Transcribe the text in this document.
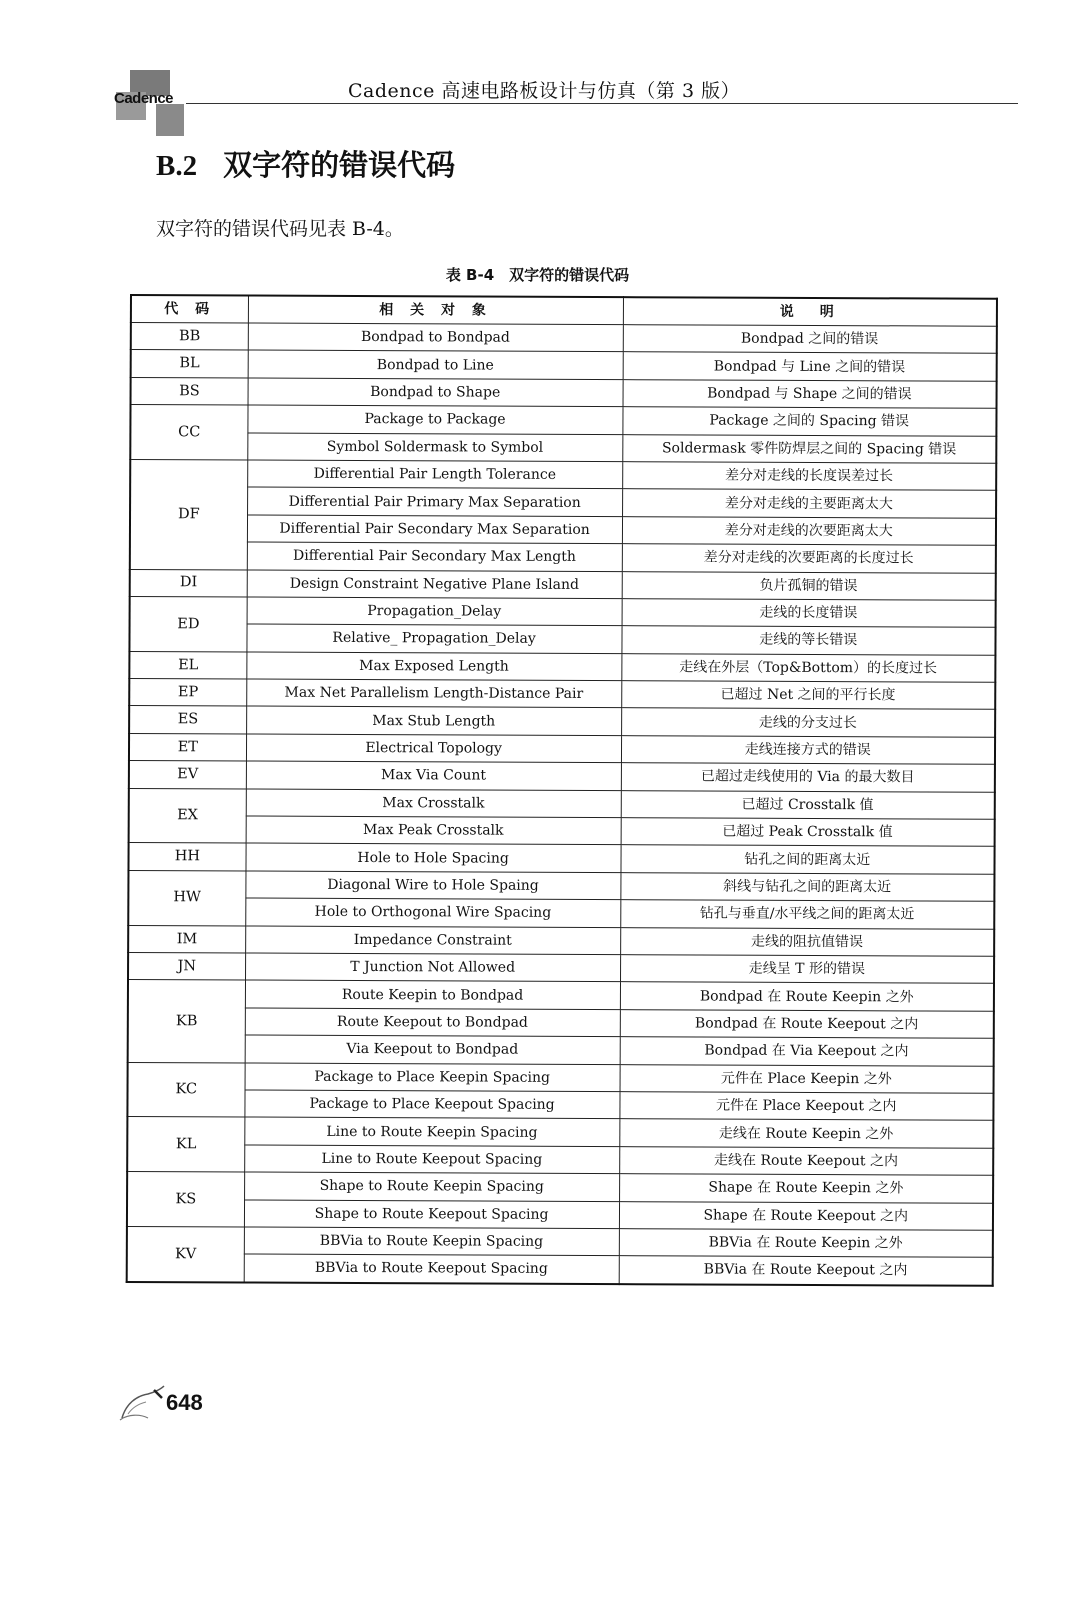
Cadence	Cadence 高速电路板设计与仿真（第 3 版）
B.2 双字符的错误代码
双字符的错误代码见表 B-4。
表 B-4　双字符的错误代码
代 码	相 关 对 象	说　明
BB	Bondpad to Bondpad	Bondpad 之间的错误
BL	Bondpad to Line	Bondpad 与 Line 之间的错误
BS	Bondpad to Shape	Bondpad 与 Shape 之间的错误
CC	Package to Package	Package 之间的 Spacing 错误
	Symbol Soldermask to Symbol	Soldermask 零件防焊层之间的 Spacing 错误
DF	Differential Pair Length Tolerance	差分对走线的长度误差过长
	Differential Pair Primary Max Separation	差分对走线的主要距离太大
	Differential Pair Secondary Max Separation	差分对走线的次要距离太大
	Differential Pair Secondary Max Length	差分对走线的次要距离的长度过长
DI	Design Constraint Negative Plane Island	负片孤铜的错误
ED	Propagation_Delay	走线的长度错误
	Relative_ Propagation_Delay	走线的等长错误
EL	Max Exposed Length	走线在外层（Top&Bottom）的长度过长
EP	Max Net Parallelism Length-Distance Pair	已超过 Net 之间的平行长度
ES	Max Stub Length	走线的分支过长
ET	Electrical Topology	走线连接方式的错误
EV	Max Via Count	已超过走线使用的 Via 的最大数目
EX	Max Crosstalk	已超过 Crosstalk 值
	Max Peak Crosstalk	已超过 Peak Crosstalk 值
HH	Hole to Hole Spacing	钻孔之间的距离太近
HW	Diagonal Wire to Hole Spaing	斜线与钻孔之间的距离太近
	Hole to Orthogonal Wire Spacing	钻孔与垂直/水平线之间的距离太近
IM	Impedance Constraint	走线的阻抗值错误
JN	T Junction Not Allowed	走线呈 T 形的错误
KB	Route Keepin to Bondpad	Bondpad 在 Route Keepin 之外
	Route Keepout to Bondpad	Bondpad 在 Route Keepout 之内
	Via Keepout to Bondpad	Bondpad 在 Via Keepout 之内
KC	Package to Place Keepin Spacing	元件在 Place Keepin 之外
	Package to Place Keepout Spacing	元件在 Place Keepout 之内
KL	Line to Route Keepin Spacing	走线在 Route Keepin 之外
	Line to Route Keepout Spacing	走线在 Route Keepout 之内
KS	Shape to Route Keepin Spacing	Shape 在 Route Keepin 之外
	Shape to Route Keepout Spacing	Shape 在 Route Keepout 之内
KV	BBVia to Route Keepin Spacing	BBVia 在 Route Keepin 之外
	BBVia to Route Keepout Spacing	BBVia 在 Route Keepout 之内
648
